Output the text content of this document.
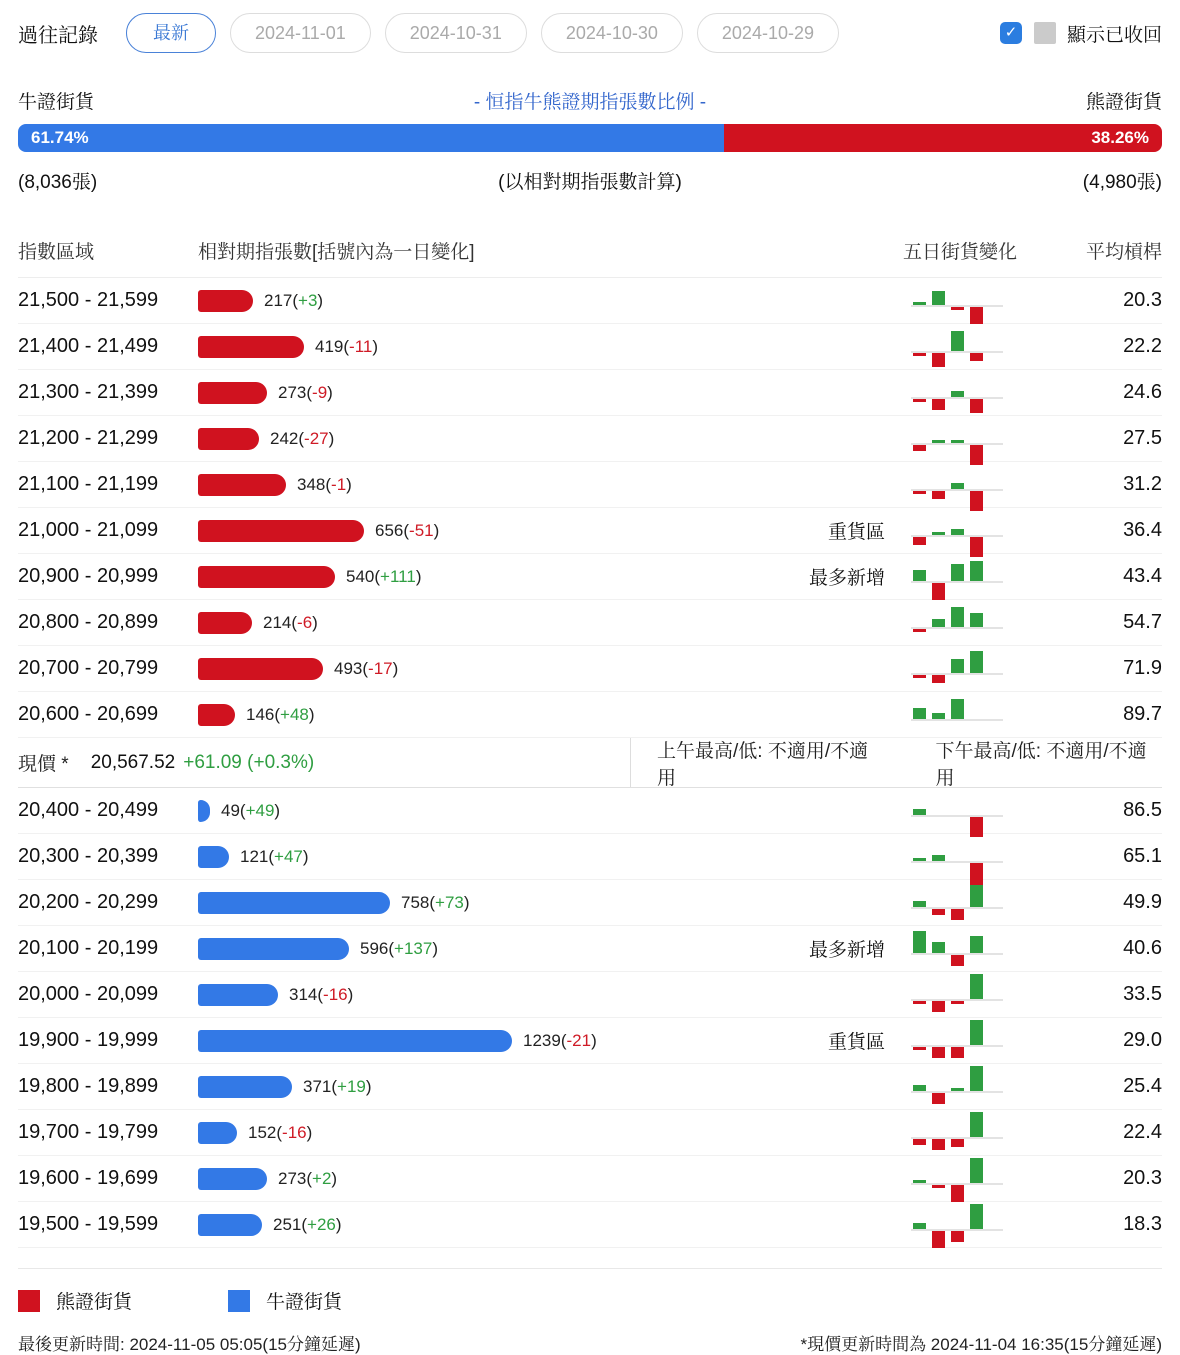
過往記錄	最新	2024-11-01	2024-10-31	2024-10-30	2024-10-29	✓	顯示已收回
牛證街貨	- 恒指牛熊證期指張數比例 -	熊證街貨
61.74%	38.26%
(8,036張)	(以相對期指張數計算)	(4,980張)
指數區域	相對期指張數[括號內為一日變化]	五日街貨變化	平均槓桿
21,500 - 21,599	217(+3)	20.3
21,400 - 21,499	419(-11)	22.2
21,300 - 21,399	273(-9)	24.6
21,200 - 21,299	242(-27)	27.5
21,100 - 21,199	348(-1)	31.2
21,000 - 21,099	656(-51)	重貨區	36.4
20,900 - 20,999	540(+111)	最多新增	43.4
20,800 - 20,899	214(-6)	54.7
20,700 - 20,799	493(-17)	71.9
20,600 - 20,699	146(+48)	89.7
現價 * 20,567.52 +61.09 (+0.3%)
上午最高/低: 不適用/不適用
下午最高/低: 不適用/不適用
20,400 - 20,499	49(+49)	86.5
20,300 - 20,399	121(+47)	65.1
20,200 - 20,299	758(+73)	49.9
20,100 - 20,199	596(+137)	最多新增	40.6
20,000 - 20,099	314(-16)	33.5
19,900 - 19,999	1239(-21)	重貨區	29.0
19,800 - 19,899	371(+19)	25.4
19,700 - 19,799	152(-16)	22.4
19,600 - 19,699	273(+2)	20.3
19,500 - 19,599	251(+26)	18.3
熊證街貨	牛證街貨
最後更新時間: 2024-11-05 05:05(15分鐘延遲)	*現價更新時間為 2024-11-04 16:35(15分鐘延遲)
